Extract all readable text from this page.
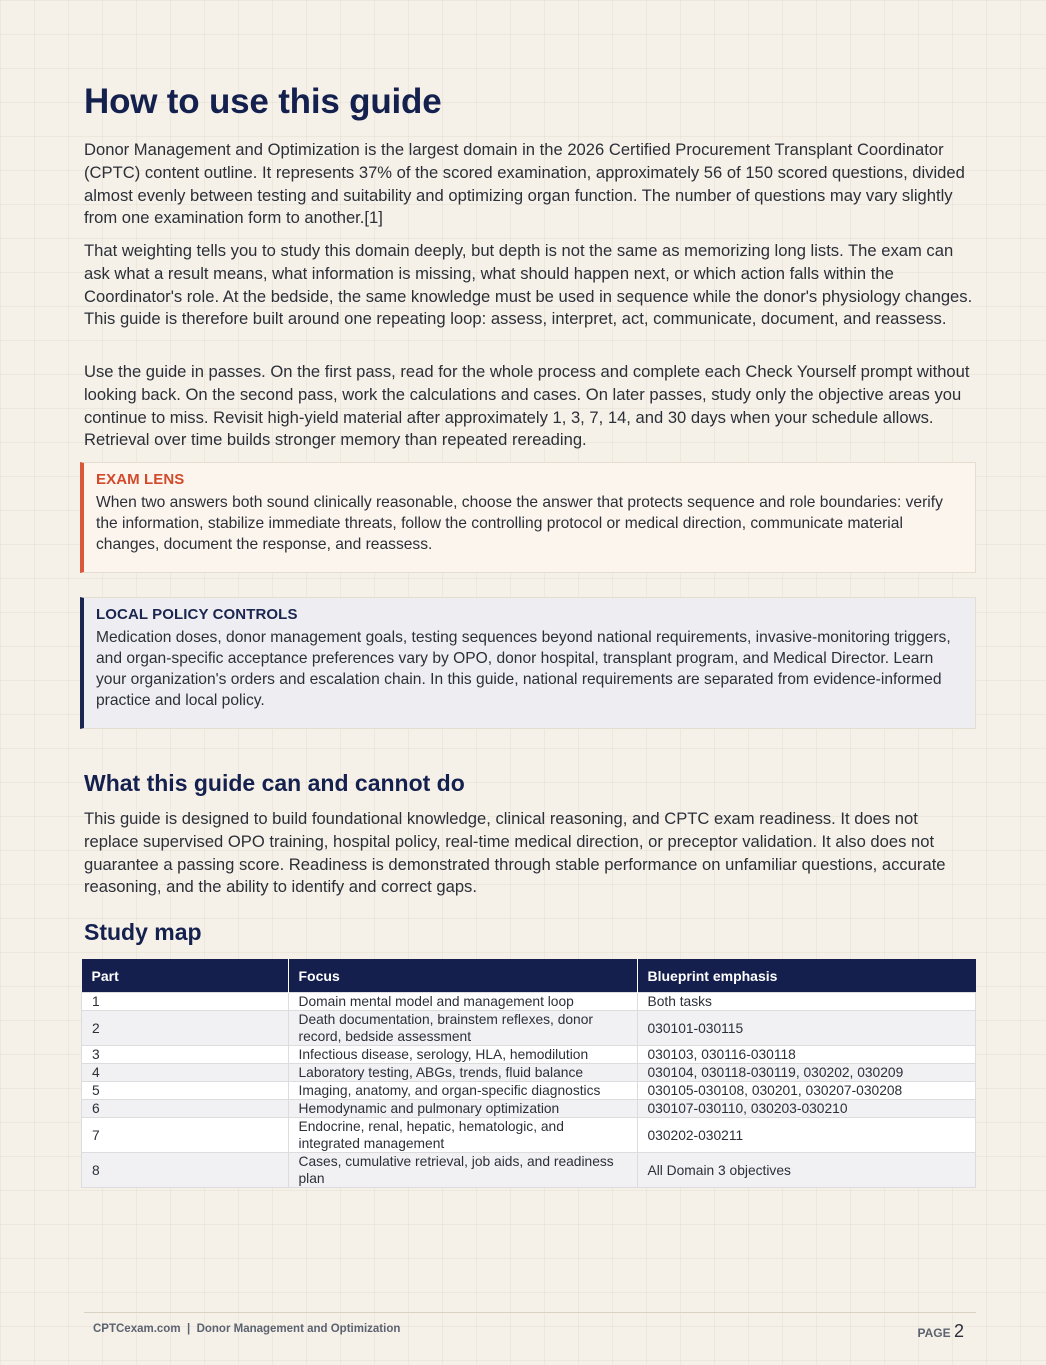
How to use this guide

Donor Management and Optimization is the largest domain in the 2026 Certified Procurement Transplant Coordinator (CPTC) content outline. It represents 37% of the scored examination, approximately 56 of 150 scored questions, divided almost evenly between testing and suitability and optimizing organ function. The number of questions may vary slightly from one examination form to another.[1]

That weighting tells you to study this domain deeply, but depth is not the same as memorizing long lists. The exam can ask what a result means, what information is missing, what should happen next, or which action falls within the Coordinator's role. At the bedside, the same knowledge must be used in sequence while the donor's physiology changes. This guide is therefore built around one repeating loop: assess, interpret, act, communicate, document, and reassess.

Use the guide in passes. On the first pass, read for the whole process and complete each Check Yourself prompt without looking back. On the second pass, work the calculations and cases. On later passes, study only the objective areas you continue to miss. Revisit high-yield material after approximately 1, 3, 7, 14, and 30 days when your schedule allows. Retrieval over time builds stronger memory than repeated rereading.

EXAM LENS
When two answers both sound clinically reasonable, choose the answer that protects sequence and role boundaries: verify the information, stabilize immediate threats, follow the controlling protocol or medical direction, communicate material changes, document the response, and reassess.
LOCAL POLICY CONTROLS
Medication doses, donor management goals, testing sequences beyond national requirements, invasive-monitoring triggers, and organ-specific acceptance preferences vary by OPO, donor hospital, transplant program, and Medical Director. Learn your organization's orders and escalation chain. In this guide, national requirements are separated from evidence-informed practice and local policy.
What this guide can and cannot do

This guide is designed to build foundational knowledge, clinical reasoning, and CPTC exam readiness. It does not replace supervised OPO training, hospital policy, real-time medical direction, or preceptor validation. It also does not guarantee a passing score. Readiness is demonstrated through stable performance on unfamiliar questions, accurate reasoning, and the ability to identify and correct gaps.

Study map
Part	Focus	Blueprint emphasis
1	Domain mental model and management loop	Both tasks
2	Death documentation, brainstem reflexes, donor record, bedside assessment	030101-030115
3	Infectious disease, serology, HLA, hemodilution	030103, 030116-030118
4	Laboratory testing, ABGs, trends, fluid balance	030104, 030118-030119, 030202, 030209
5	Imaging, anatomy, and organ-specific diagnostics	030105-030108, 030201, 030207-030208
6	Hemodynamic and pulmonary optimization	030107-030110, 030203-030210
7	Endocrine, renal, hepatic, hematologic, and integrated management	030202-030211
8	Cases, cumulative retrieval, job aids, and readiness plan	All Domain 3 objectives
CPTCexam.com | Donor Management and Optimization	PAGE 2
